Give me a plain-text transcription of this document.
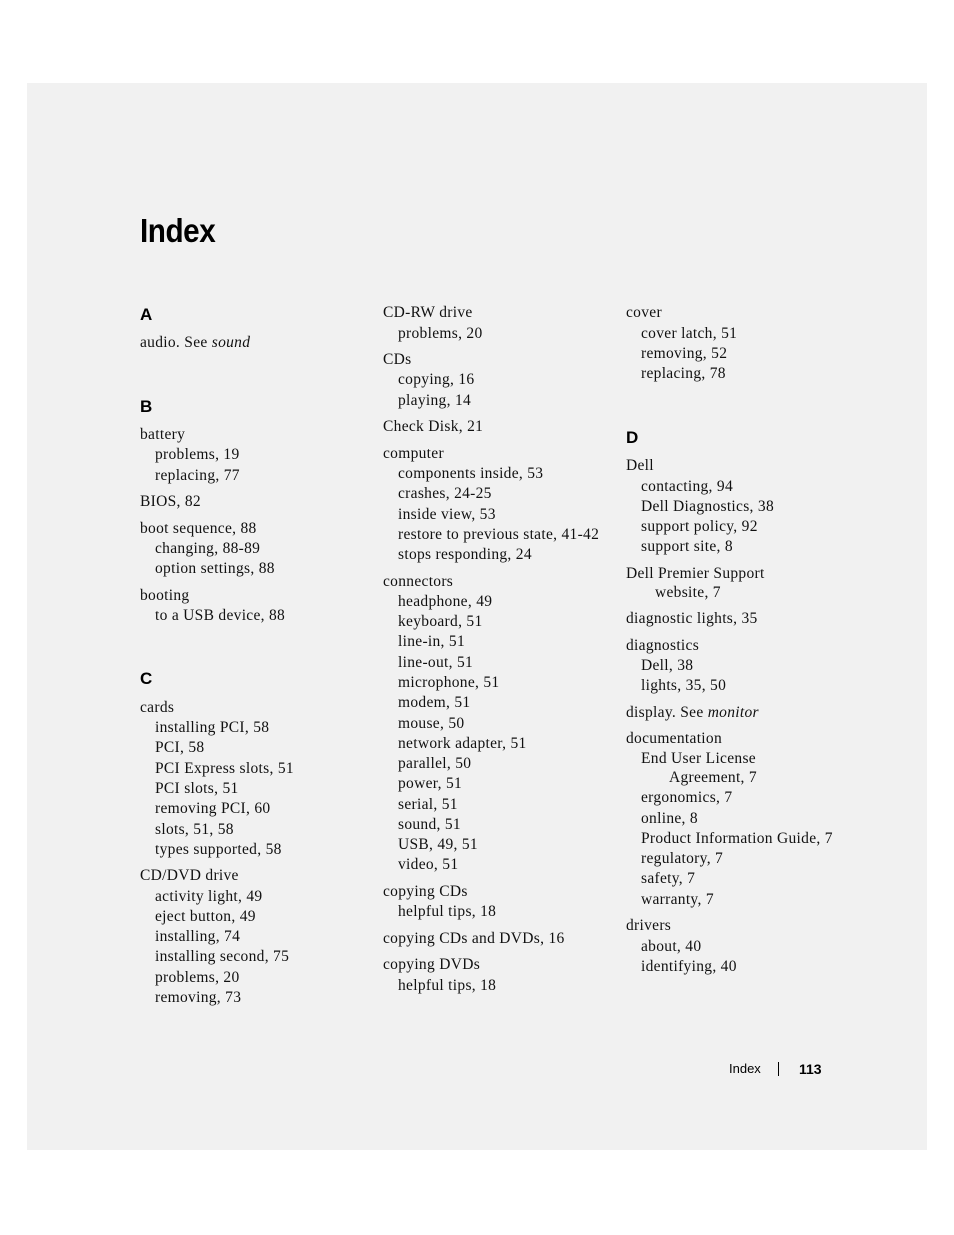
Index
A
B
C
audio. See sound
battery
problems, 19
replacing, 77
BIOS, 82
boot sequence, 88
changing, 88-89
option settings, 88
booting
to a USB device, 88
cards
installing PCI, 58
PCI, 58
PCI Express slots, 51
PCI slots, 51
removing PCI, 60
slots, 51, 58
types supported, 58
CD/DVD drive
activity light, 49
eject button, 49
installing, 74
installing second, 75
problems, 20
removing, 73
CD-RW drive
problems, 20
CDs
copying, 16
playing, 14
Check Disk, 21
computer
components inside, 53
crashes, 24-25
inside view, 53
restore to previous state, 41-42
stops responding, 24
connectors
headphone, 49
keyboard, 51
line-in, 51
line-out, 51
microphone, 51
modem, 51
mouse, 50
network adapter, 51
parallel, 50
power, 51
serial, 51
sound, 51
USB, 49, 51
video, 51
copying CDs
helpful tips, 18
copying CDs and DVDs, 16
copying DVDs
helpful tips, 18
D
cover
cover latch, 51
removing, 52
replacing, 78
Dell
contacting, 94
Dell Diagnostics, 38
support policy, 92
support site, 8
Dell Premier Support
website, 7
diagnostic lights, 35
diagnostics
Dell, 38
lights, 35, 50
display. See monitor
documentation
End User License
Agreement, 7
ergonomics, 7
online, 8
Product Information Guide, 7
regulatory, 7
safety, 7
warranty, 7
drivers
about, 40
identifying, 40
Index	113
